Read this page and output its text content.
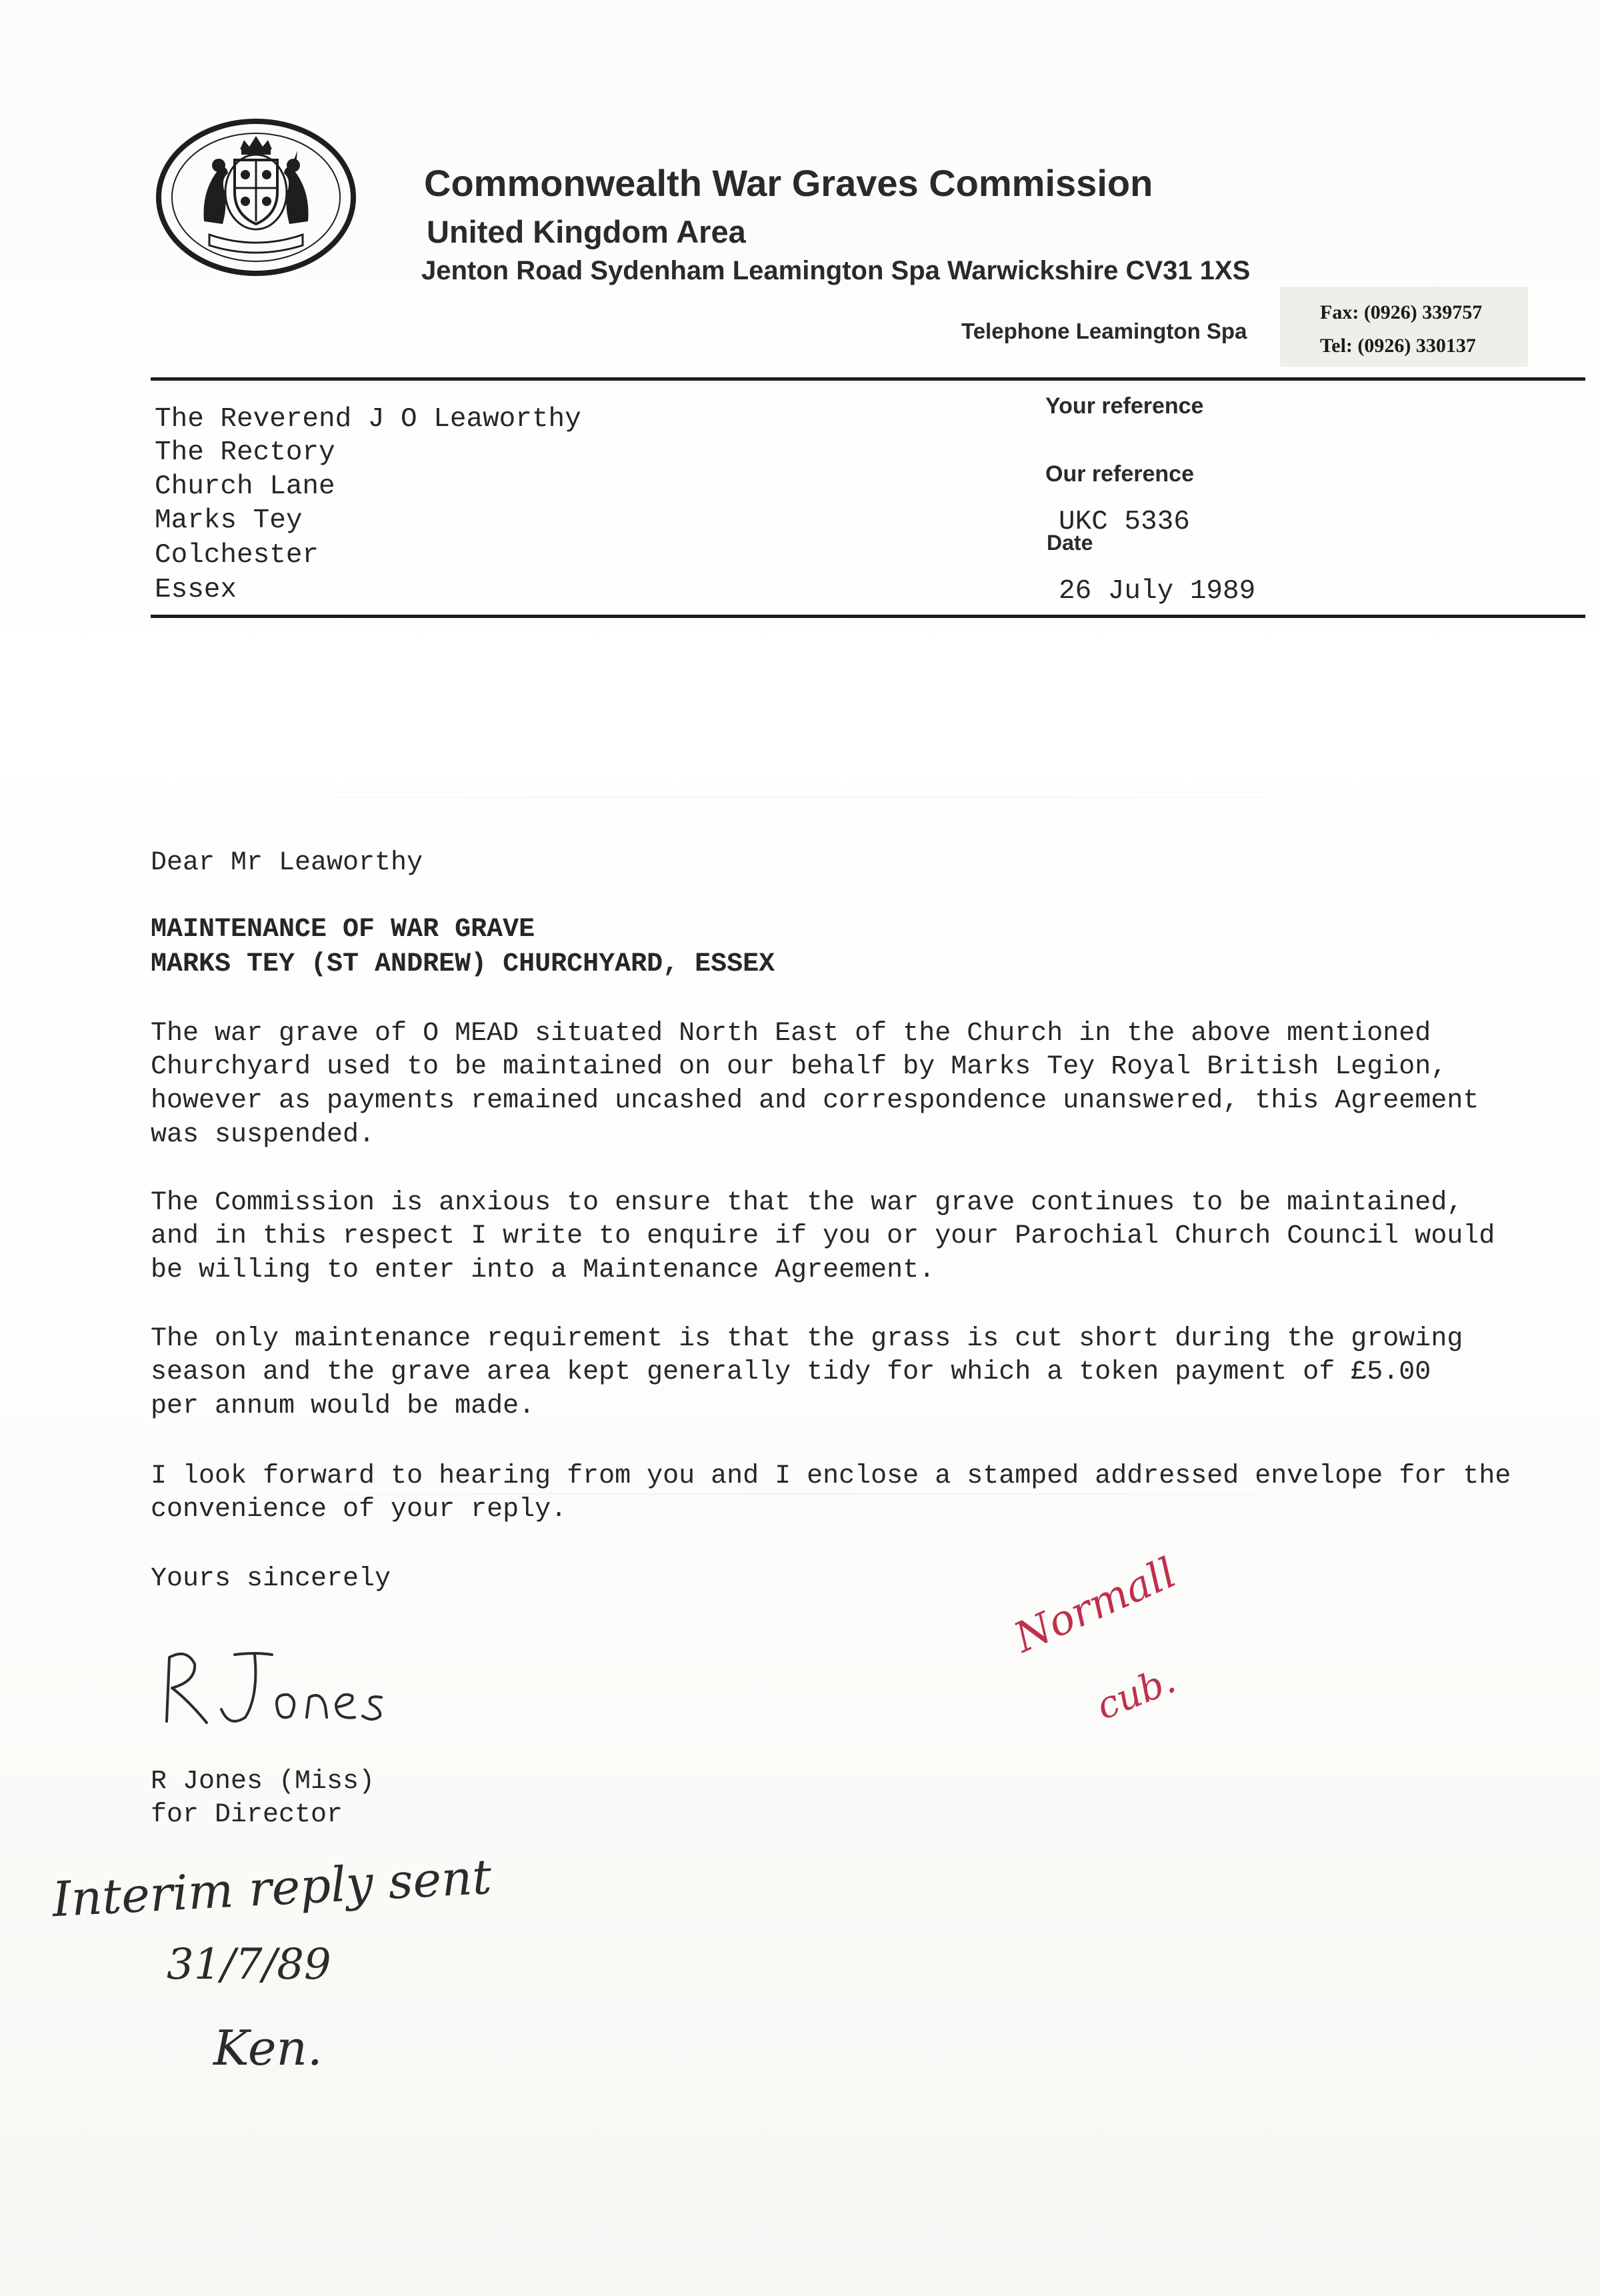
Commonwealth War Graves Commission
United Kingdom Area
Jenton Road Sydenham Leamington Spa Warwickshire CV31 1XS
Telephone Leamington Spa
Fax: (0926) 339757
Tel: (0926) 330137
The Reverend J O Leaworthy
The Rectory
Church Lane
Marks Tey
Colchester
Essex
Your reference
Our reference
UKC 5336
Date
26 July 1989
Dear Mr Leaworthy
MAINTENANCE OF WAR GRAVE
MARKS TEY (ST ANDREW) CHURCHYARD, ESSEX
The war grave of O MEAD situated North East of the Church in the above mentioned
Churchyard used to be maintained on our behalf by Marks Tey Royal British Legion,
however as payments remained uncashed and correspondence unanswered, this Agreement
was suspended.
The Commission is anxious to ensure that the war grave continues to be maintained,
and in this respect I write to enquire if you or your Parochial Church Council would
be willing to enter into a Maintenance Agreement.
The only maintenance requirement is that the grass is cut short during the growing
season and the grave area kept generally tidy for which a token payment of £5.00
per annum would be made.
I look forward to hearing from you and I enclose a stamped addressed envelope for the
convenience of your reply.
Yours sincerely
R Jones (Miss)
for Director
Normall
cub.
Interim reply sent
31/7/89
Ken.
